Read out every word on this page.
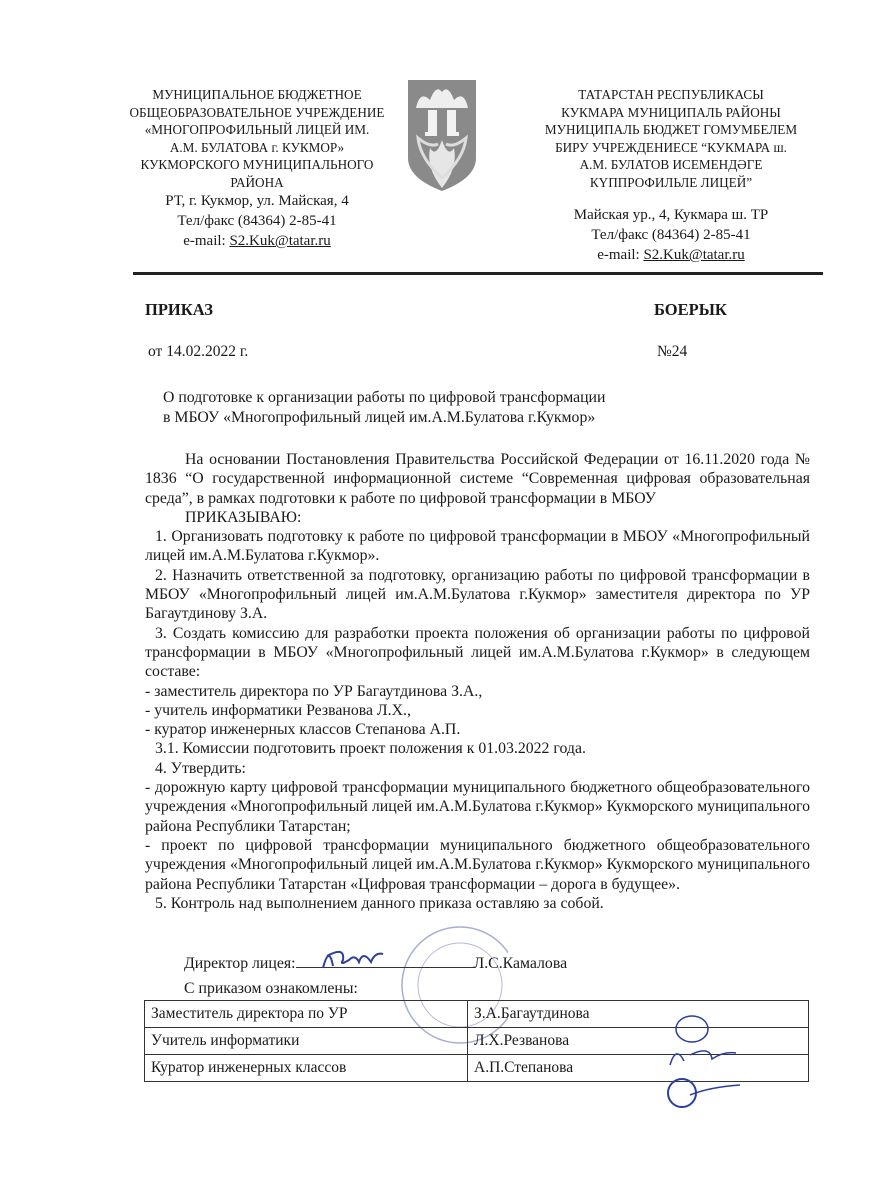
МУНИЦИПАЛЬНОЕ БЮДЖЕТНОЕ
ОБЩЕОБРАЗОВАТЕЛЬНОЕ УЧРЕЖДЕНИЕ
«МНОГОПРОФИЛЬНЫЙ ЛИЦЕЙ ИМ.
А.М. БУЛАТОВА г. КУКМОР»
КУКМОРСКОГО МУНИЦИПАЛЬНОГО
РАЙОНА
РТ, г. Кукмор, ул. Майская, 4
Тел/факс (84364) 2-85-41
e-mail: S2.Kuk@tatar.ru
ТАТАРСТАН РЕСПУБЛИКАСЫ
КУКМАРА МУНИЦИПАЛЬ РАЙОНЫ
МУНИЦИПАЛЬ БЮДЖЕТ ГОМУМБЕЛЕМ
БИРУ УЧРЕЖДЕНИЕСЕ “КУКМАРА ш.
А.М. БУЛАТОВ ИСЕМЕНДӘГЕ
КҮППРОФИЛЬЛЕ ЛИЦЕЙ”
Майская ур., 4, Кукмара ш. ТР
Тел/факс (84364) 2-85-41
e-mail: S2.Kuk@tatar.ru
ПРИКАЗ	БОЕРЫК
от 14.02.2022 г.	№24
О подготовке к организации работы по цифровой трансформации
в МБОУ «Многопрофильный лицей им.А.М.Булатова г.Кукмор»

На основании Постановления Правительства Российской Федерации от 16.11.2020 года № 1836 “О государственной информационной системе “Современная цифровая образовательная среда”, в рамках подготовки к работе по цифровой трансформации в МБОУ

ПРИКАЗЫВАЮ:

1. Организовать подготовку к работе по цифровой трансформации в МБОУ «Многопрофильный лицей им.А.М.Булатова г.Кукмор».

2. Назначить ответственной за подготовку, организацию работы по цифровой трансформации в МБОУ «Многопрофильный лицей им.А.М.Булатова г.Кукмор» заместителя директора по УР Багаутдинову З.А.

3. Создать комиссию для разработки проекта положения об организации работы по цифровой трансформации в МБОУ «Многопрофильный лицей им.А.М.Булатова г.Кукмор» в следующем составе:

- заместитель директора по УР Багаутдинова З.А.,

- учитель информатики Резванова Л.Х.,

- куратор инженерных классов Степанова А.П.

3.1. Комиссии подготовить проект положения к 01.03.2022 года.

4. Утвердить:

- дорожную карту цифровой трансформации муниципального бюджетного общеобразовательного учреждения «Многопрофильный лицей им.А.М.Булатова г.Кукмор» Кукморского муниципального района Республики Татарстан;

- проект по цифровой трансформации муниципального бюджетного общеобразовательного учреждения «Многопрофильный лицей им.А.М.Булатова г.Кукмор» Кукморского муниципального района Республики Татарстан «Цифровая трансформации – дорога в будущее».

5. Контроль над выполнением данного приказа оставляю за собой.

Директор лицея:	Л.С.Камалова
С приказом ознакомлены:
Заместитель директора по УР	З.А.Багаутдинова
Учитель информатики	Л.Х.Резванова
Куратор инженерных классов	А.П.Степанова
